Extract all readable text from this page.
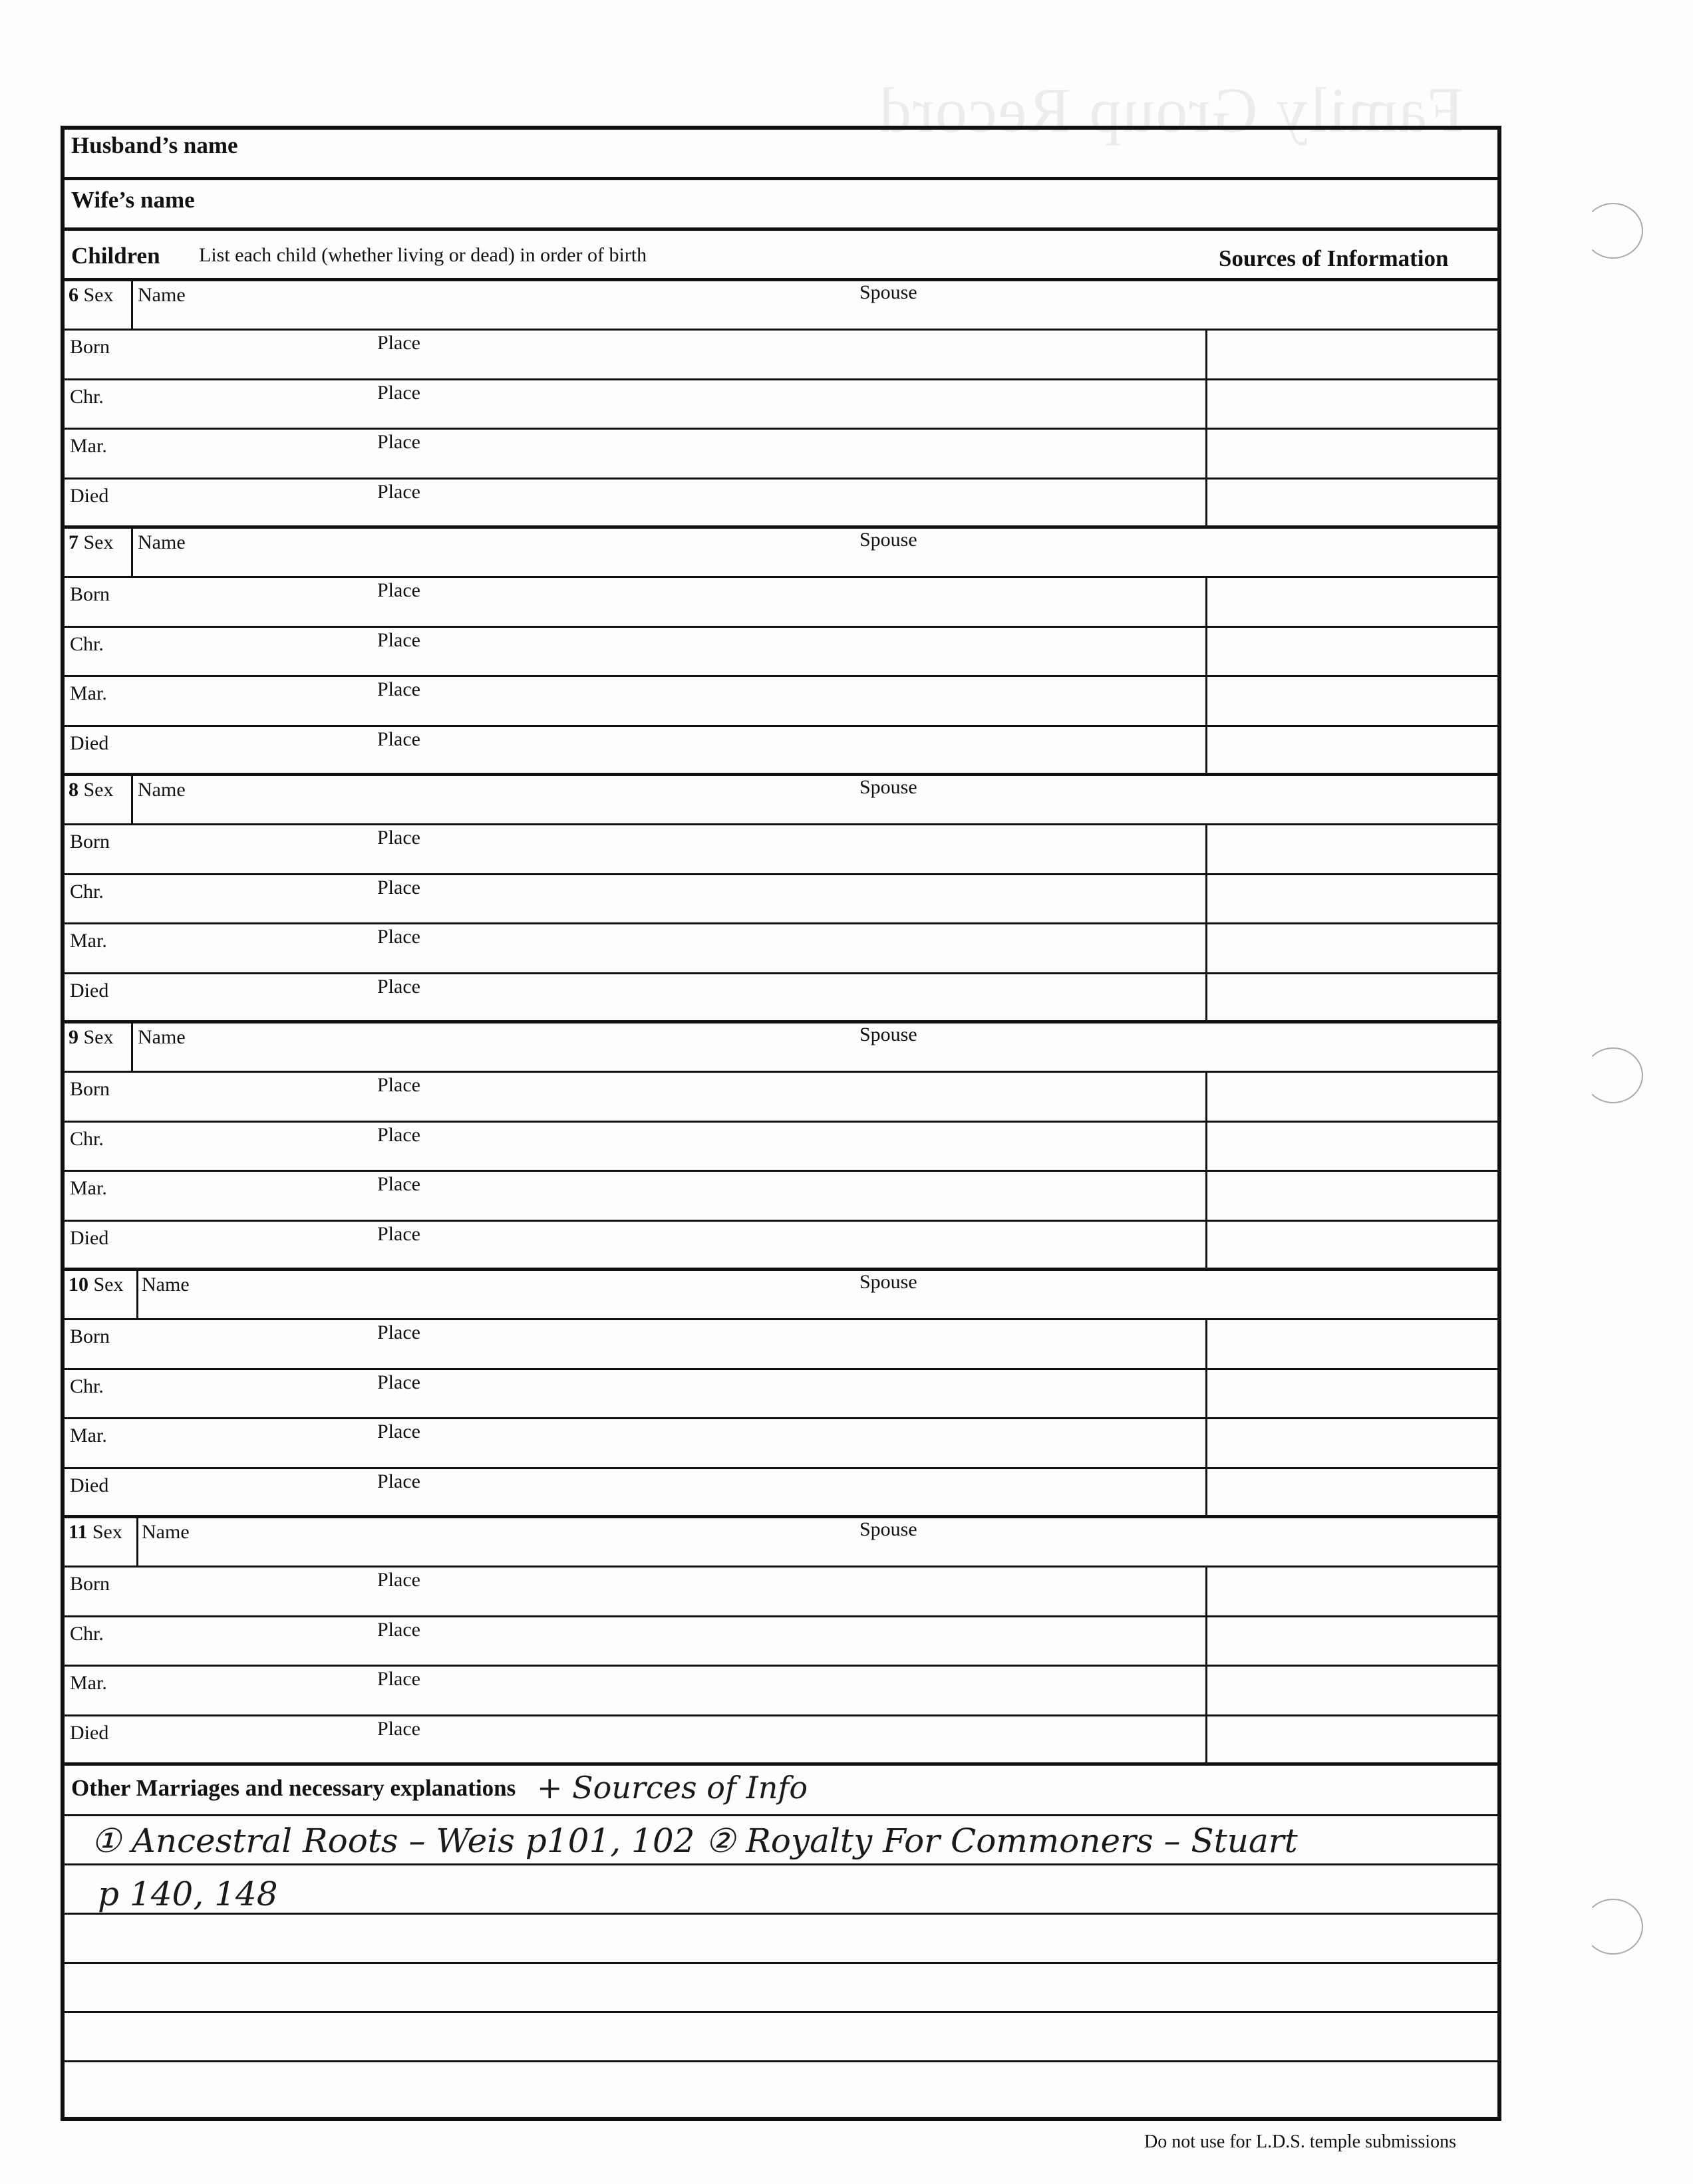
Family Group Record
Husband’s name
Wife’s name
Children List each child (whether living or dead) in order of birth	Sources of Information
6 Sex Name	Spouse
Born	Place
Chr.	Place
Mar.	Place
Died	Place
7 Sex Name	Spouse
Born	Place
Chr.	Place
Mar.	Place
Died	Place
8 Sex Name	Spouse
Born	Place
Chr.	Place
Mar.	Place
Died	Place
9 Sex Name	Spouse
Born	Place
Chr.	Place
Mar.	Place
Died	Place
10 Sex Name	Spouse
Born	Place
Chr.	Place
Mar.	Place
Died	Place
11 Sex Name	Spouse
Born	Place
Chr.	Place
Mar.	Place
Died	Place
Other Marriages and necessary explanations + Sources of Info
① Ancestral Roots – Weis p101, 102 ② Royalty For Commoners – Stuart
p 140, 148
Do not use for L.D.S. temple submissions
